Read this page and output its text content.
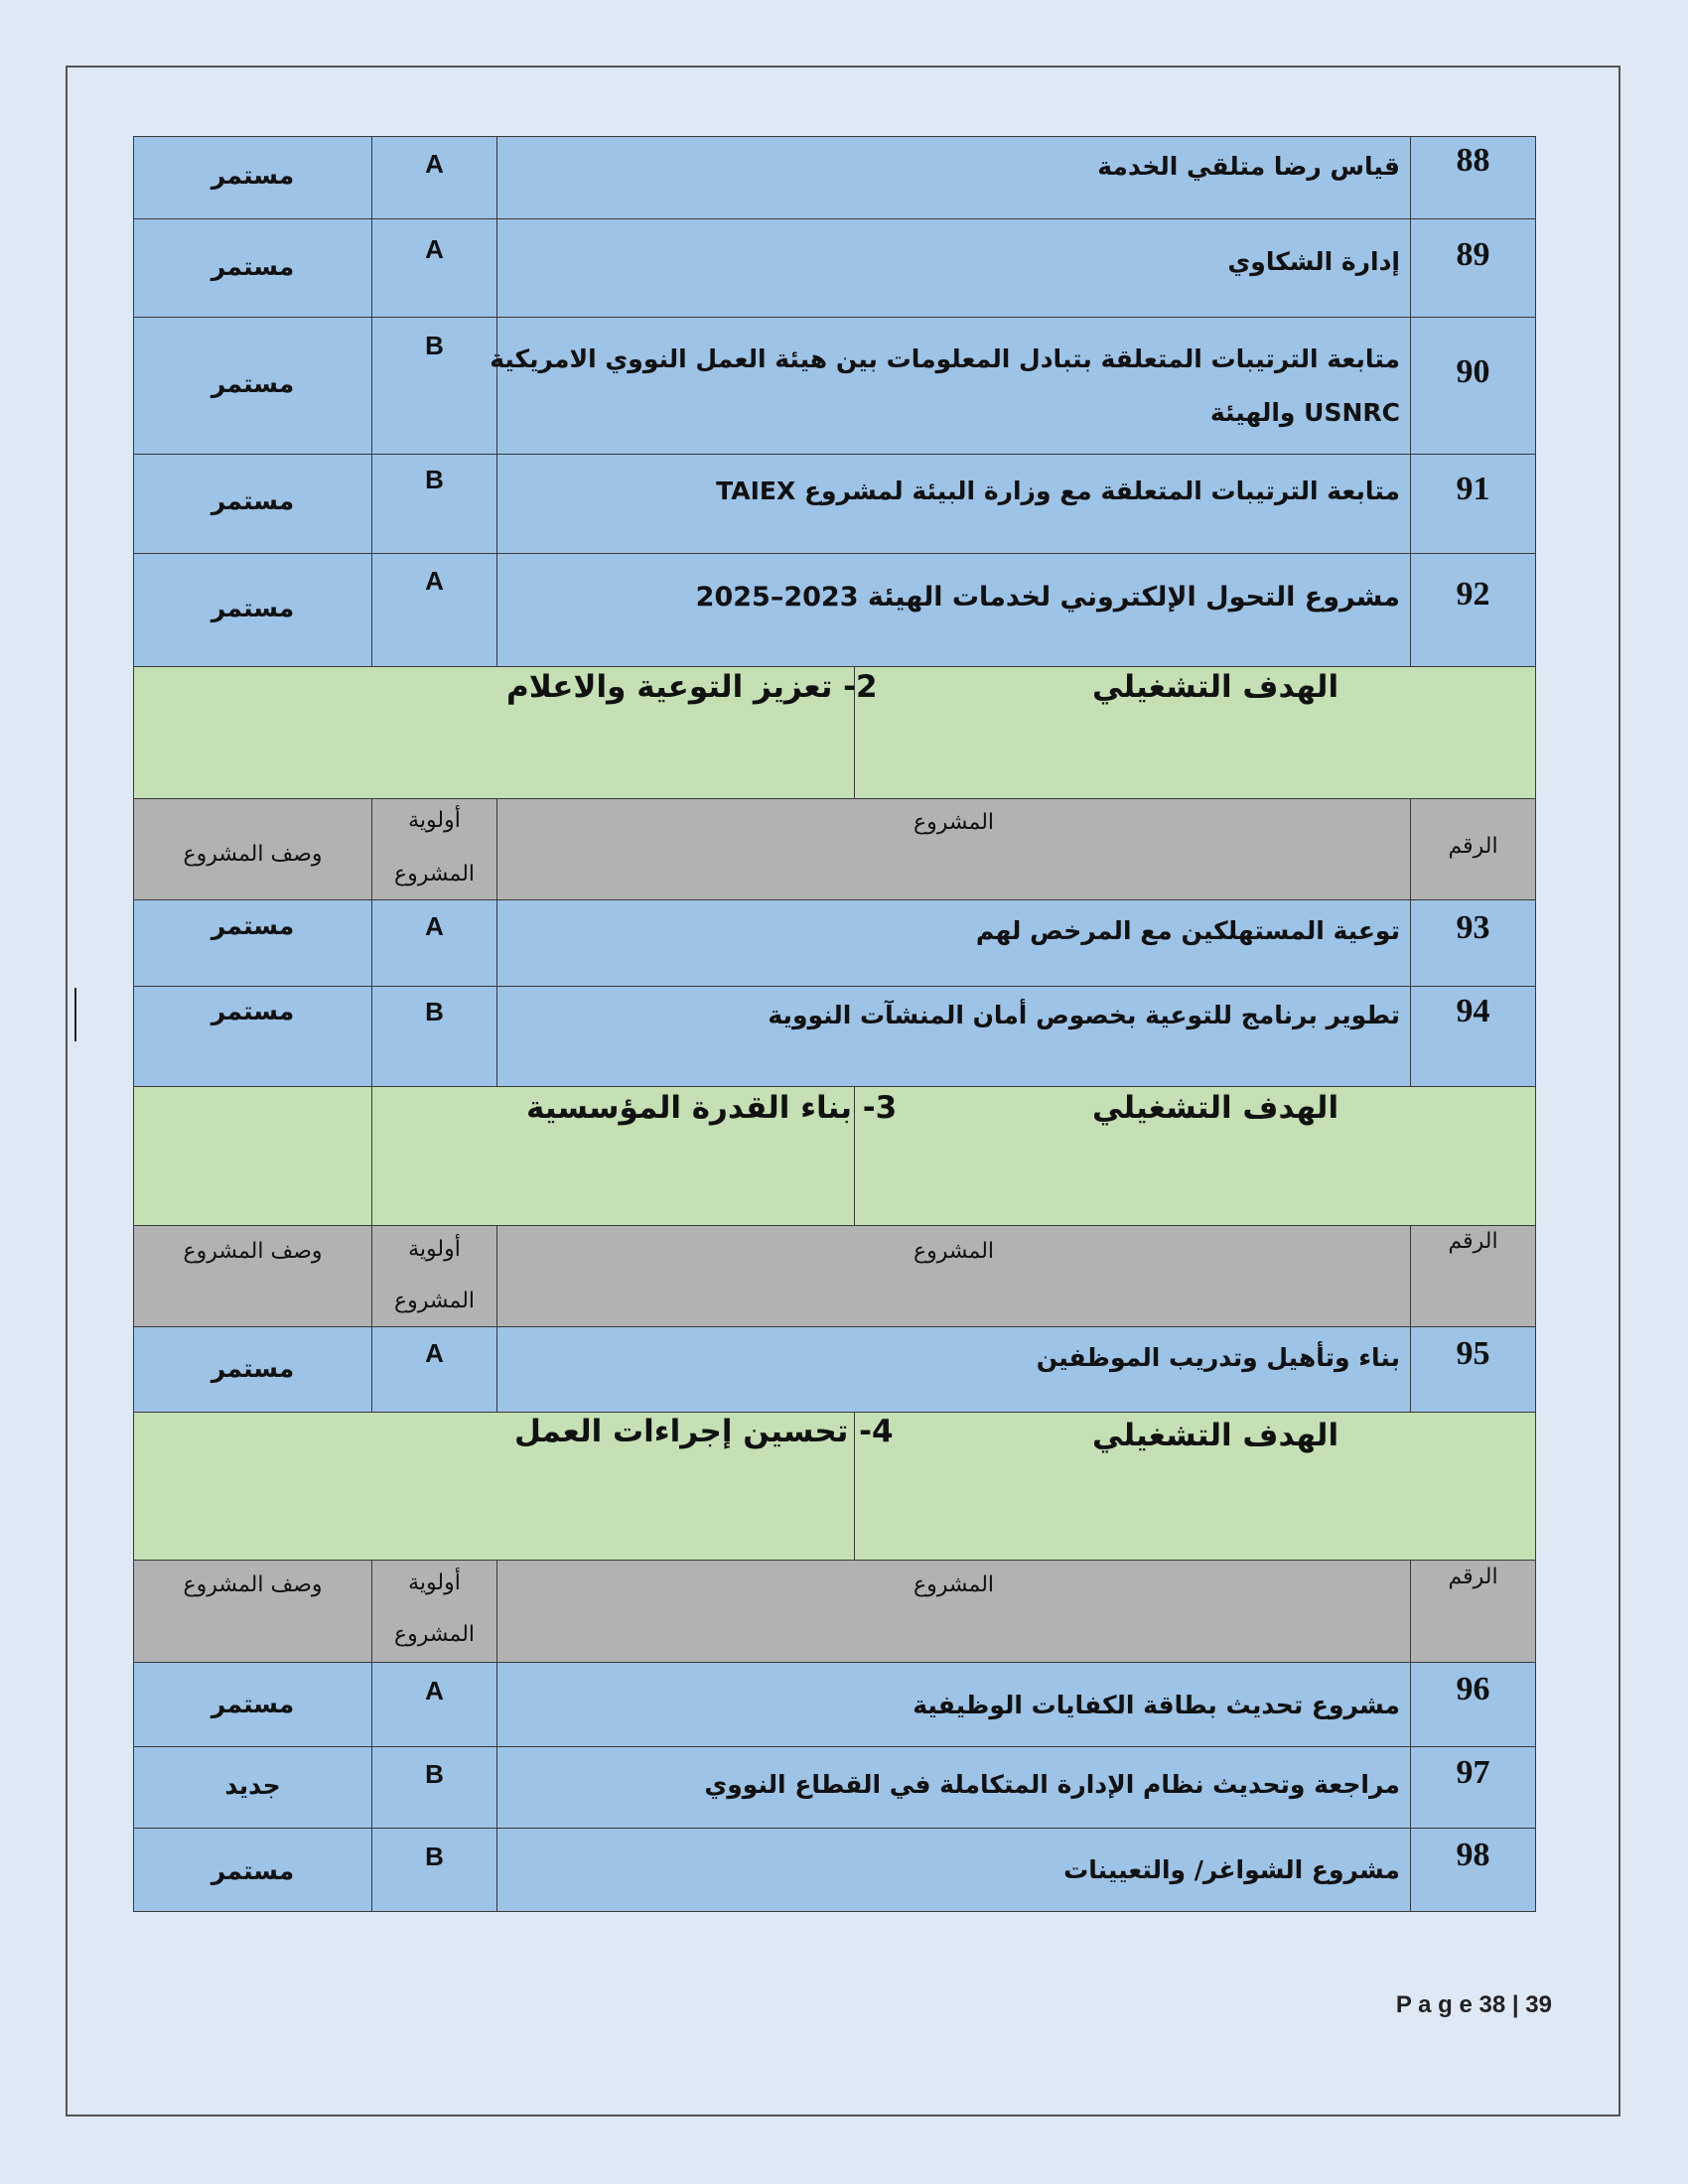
88
قياس رضا متلقي الخدمة
A
مستمر
89
إدارة الشكاوي
A
مستمر
90
متابعة الترتيبات المتعلقة بتبادل المعلومات بين هيئة العمل النووي الامريكية
USNRC والهيئة
B
مستمر
91
متابعة الترتيبات المتعلقة مع وزارة البيئة لمشروع TAIEX
B
مستمر
92
مشروع التحول الإلكتروني لخدمات الهيئة 2023–2025
A
مستمر
الهدف التشغيلي
2- تعزيز التوعية والاعلام
الرقم
المشروع
أولوية
المشروع
وصف المشروع
93
توعية المستهلكين مع المرخص لهم
A
مستمر
94
تطوير برنامج للتوعية بخصوص أمان المنشآت النووية
B
مستمر
الهدف التشغيلي
3- بناء القدرة المؤسسية
الرقم
المشروع
أولوية
المشروع
وصف المشروع
95
بناء وتأهيل وتدريب الموظفين
A
مستمر
الهدف التشغيلي
4- تحسين إجراءات العمل
الرقم
المشروع
أولوية
المشروع
وصف المشروع
96
مشروع تحديث بطاقة الكفايات الوظيفية
A
مستمر
97
مراجعة وتحديث نظام الإدارة المتكاملة في القطاع النووي
B
جديد
98
مشروع الشواغر/ والتعيينات
B
مستمر
P a g e 38 | 39
